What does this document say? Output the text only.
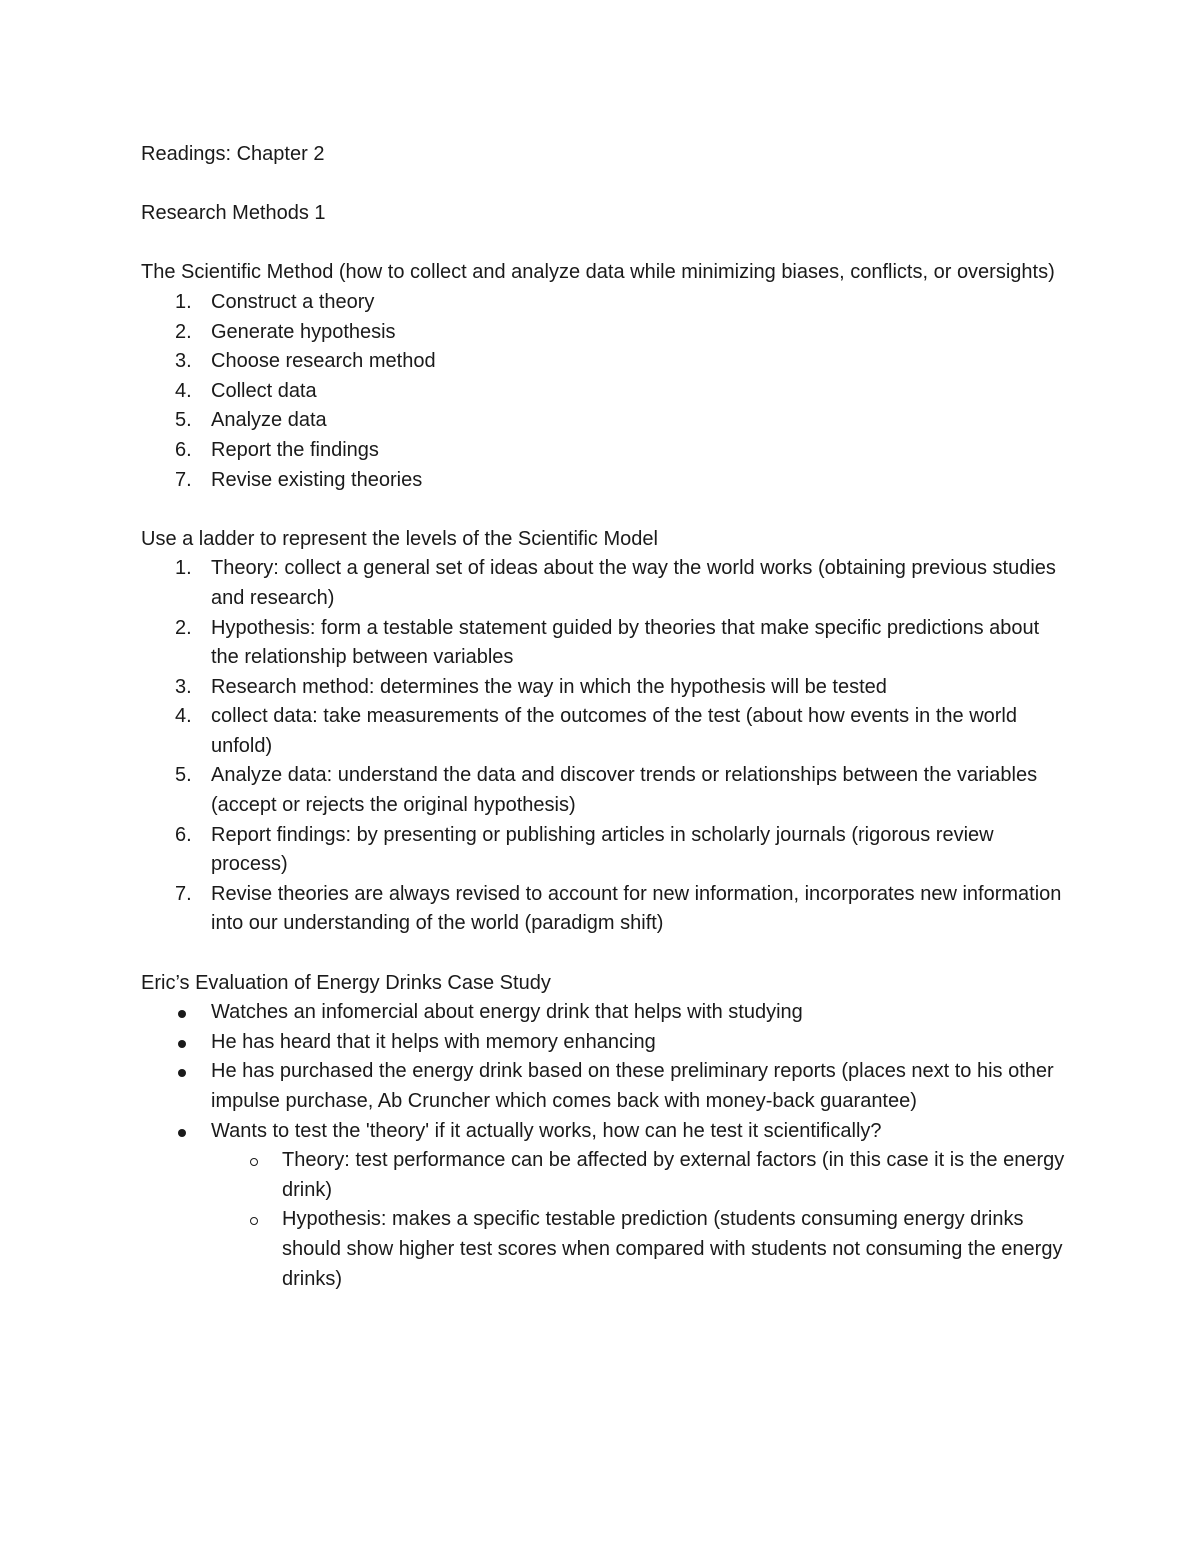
Readings: Chapter 2

Research Methods 1

The Scientific Method (how to collect and analyze data while minimizing biases, conflicts, or oversights)

1. Construct a theory
2. Generate hypothesis
3. Choose research method
4. Collect data
5. Analyze data
6. Report the findings
7. Revise existing theories

Use a ladder to represent the levels of the Scientific Model

1. Theory: collect a general set of ideas about the way the world works (obtaining previous studies and research)
2. Hypothesis: form a testable statement guided by theories that make specific predictions about the relationship between variables
3. Research method: determines the way in which the hypothesis will be tested
4. collect data: take measurements of the outcomes of the test (about how events in the world unfold)
5. Analyze data: understand the data and discover trends or relationships between the variables (accept or rejects the original hypothesis)
6. Report findings: by presenting or publishing articles in scholarly journals (rigorous review process)
7. Revise theories are always revised to account for new information, incorporates new information into our understanding of the world (paradigm shift)

Eric’s Evaluation of Energy Drinks Case Study

Watches an infomercial about energy drink that helps with studying
He has heard that it helps with memory enhancing
He has purchased the energy drink based on these preliminary reports (places next to his other impulse purchase, Ab Cruncher which comes back with money-back guarantee)
Wants to test the 'theory' if it actually works, how can he test it scientifically?
Theory: test performance can be affected by external factors (in this case it is the energy drink)
Hypothesis: makes a specific testable prediction (students consuming energy drinks should show higher test scores when compared with students not consuming the energy drinks)
